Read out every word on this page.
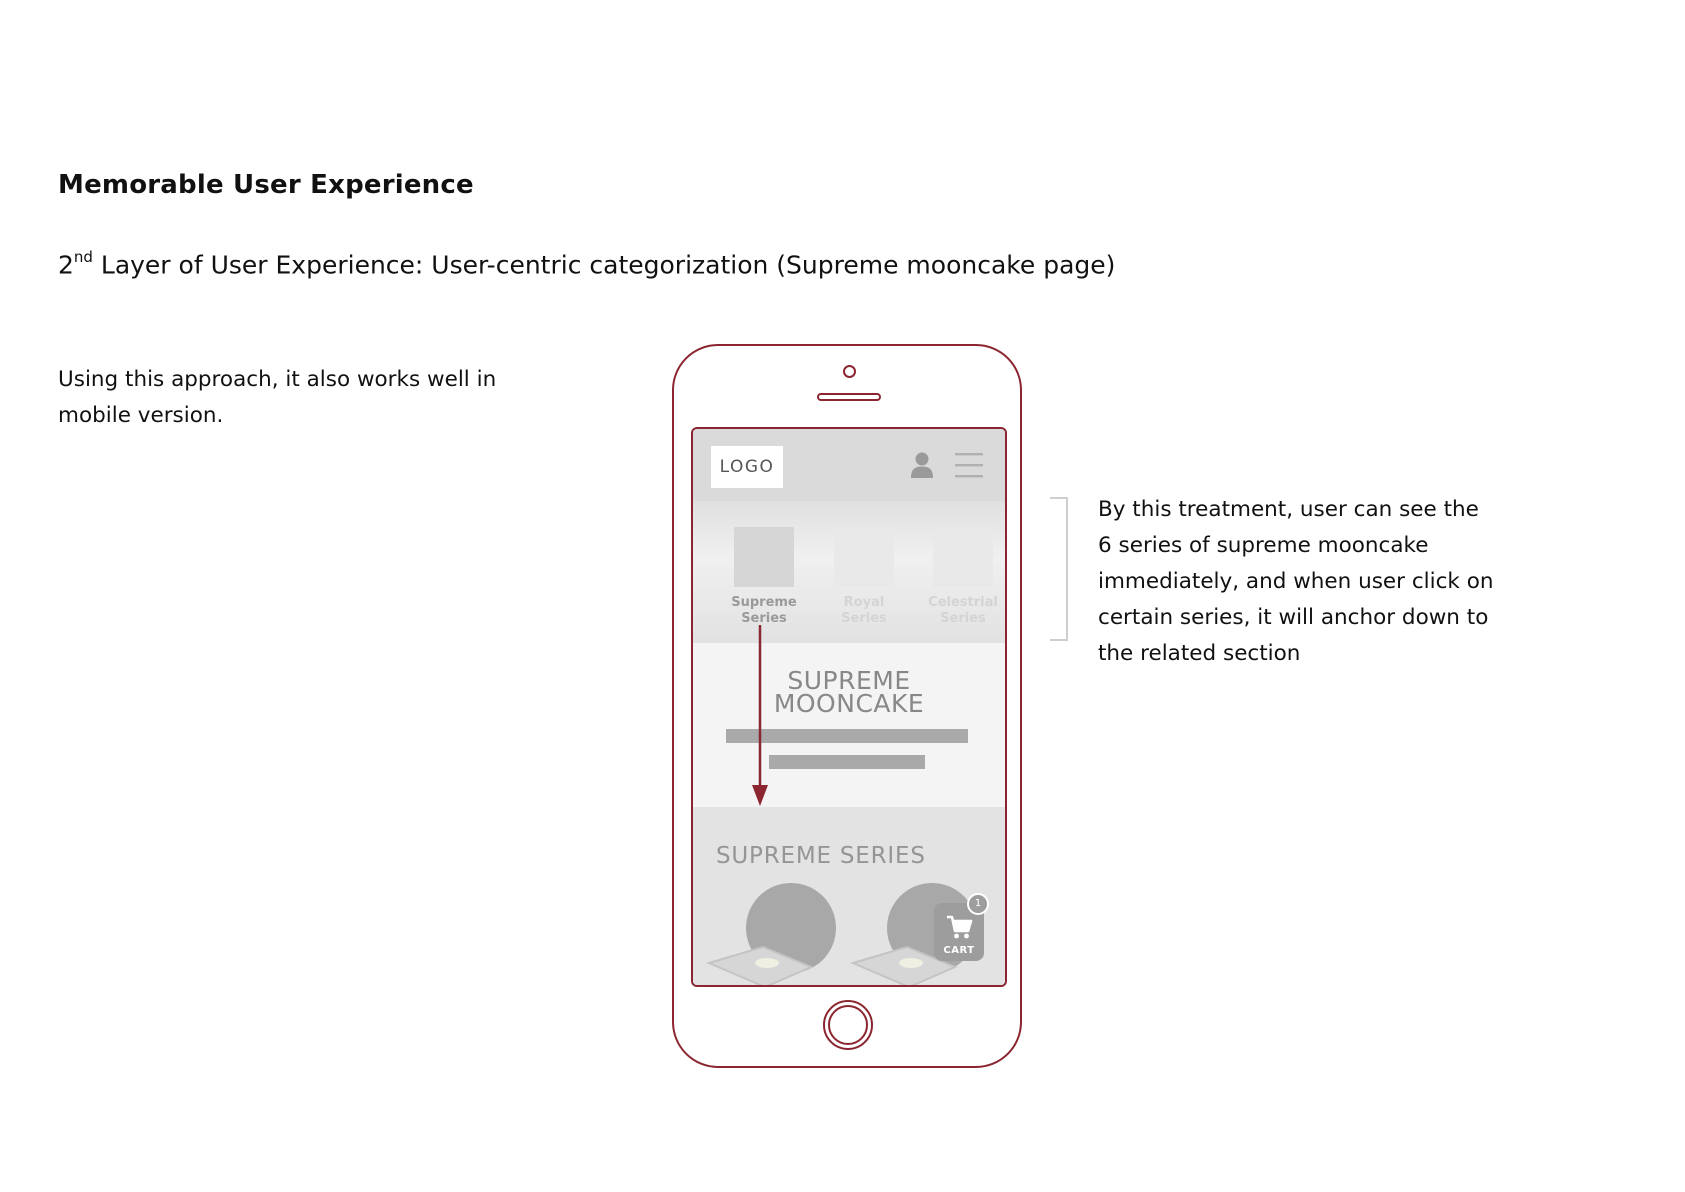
Memorable User Experience
2nd Layer of User Experience: User-centric categorization (Supreme mooncake page)
Using this approach, it also works well in mobile version.
By this treatment, user can see the 6 series of supreme mooncake immediately, and when user click on certain series, it will anchor down to the related section
LOGO
Supreme
Series
Royal
Series
Celestrial
Series
SUPREME
MOONCAKE
SUPREME SERIES
CART
1
